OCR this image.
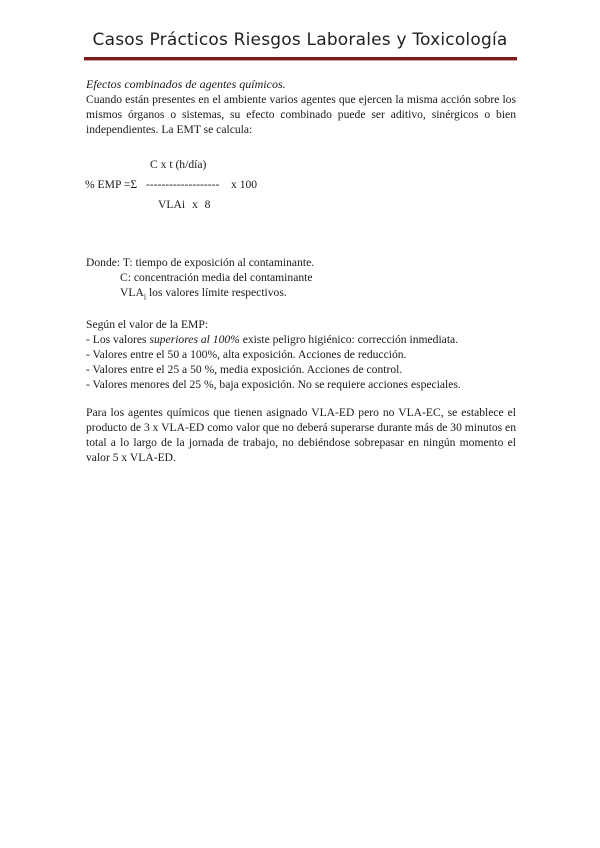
Casos Prácticos Riesgos Laborales y Toxicología

Efectos combinados de agentes químicos.

Cuando están presentes en el ambiente varios agentes que ejercen la misma acción sobre los mismos órganos o sistemas, su efecto combinado puede ser aditivo, sinérgicos o bien independientes. La EMT se calcula:

C x t (h/día)
% EMP =Σ ------------------- x 100
VLAi x 8

Donde: T: tiempo de exposición al contaminante.

C: concentración media del contaminante

$VLA_i$ los valores límite respectivos.

Según el valor de la EMP:

- Los valores superiores al 100% existe peligro higiénico: corrección inmediata.

- Valores entre el 50 a 100%, alta exposición. Acciones de reducción.

- Valores entre el 25 a 50 %, media exposición. Acciones de control.

- Valores menores del 25 %, baja exposición. No se requiere acciones especiales.

Para los agentes químicos que tienen asignado VLA-ED pero no VLA-EC, se establece el producto de 3 x VLA-ED como valor que no deberá superarse durante más de 30 minutos en total a lo largo de la jornada de trabajo, no debiéndose sobrepasar en ningún momento el valor 5 x VLA-ED.
